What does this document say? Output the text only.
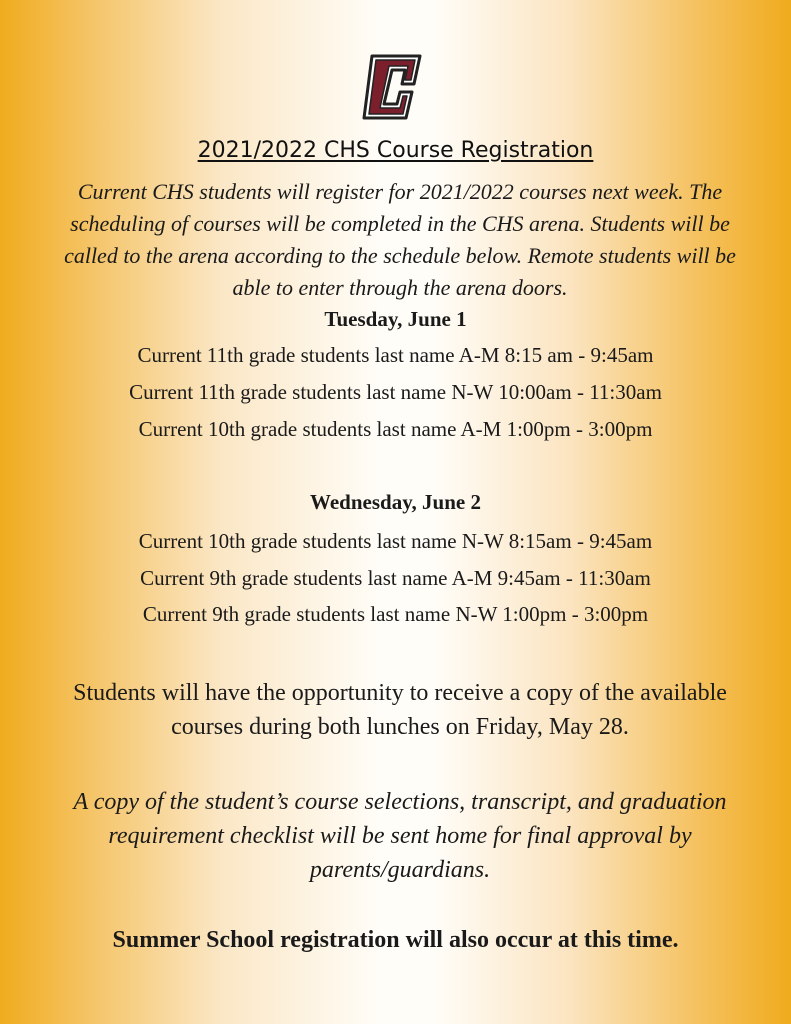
2021/2022 CHS Course Registration
Current CHS students will register for 2021/2022 courses next week. The scheduling of courses will be completed in the CHS arena. Students will be called to the arena according to the schedule below. Remote students will be able to enter through the arena doors.
Tuesday, June 1
Current 11th grade students last name A-M 8:15 am - 9:45am
Current 11th grade students last name N-W 10:00am - 11:30am
Current 10th grade students last name A-M 1:00pm - 3:00pm
Wednesday, June 2
Current 10th grade students last name N-W 8:15am - 9:45am
Current 9th grade students last name A-M 9:45am - 11:30am
Current 9th grade students last name N-W 1:00pm - 3:00pm
Students will have the opportunity to receive a copy of the available courses during both lunches on Friday, May 28.
A copy of the student’s course selections, transcript, and graduation requirement checklist will be sent home for final approval by parents/guardians.
Summer School registration will also occur at this time.
